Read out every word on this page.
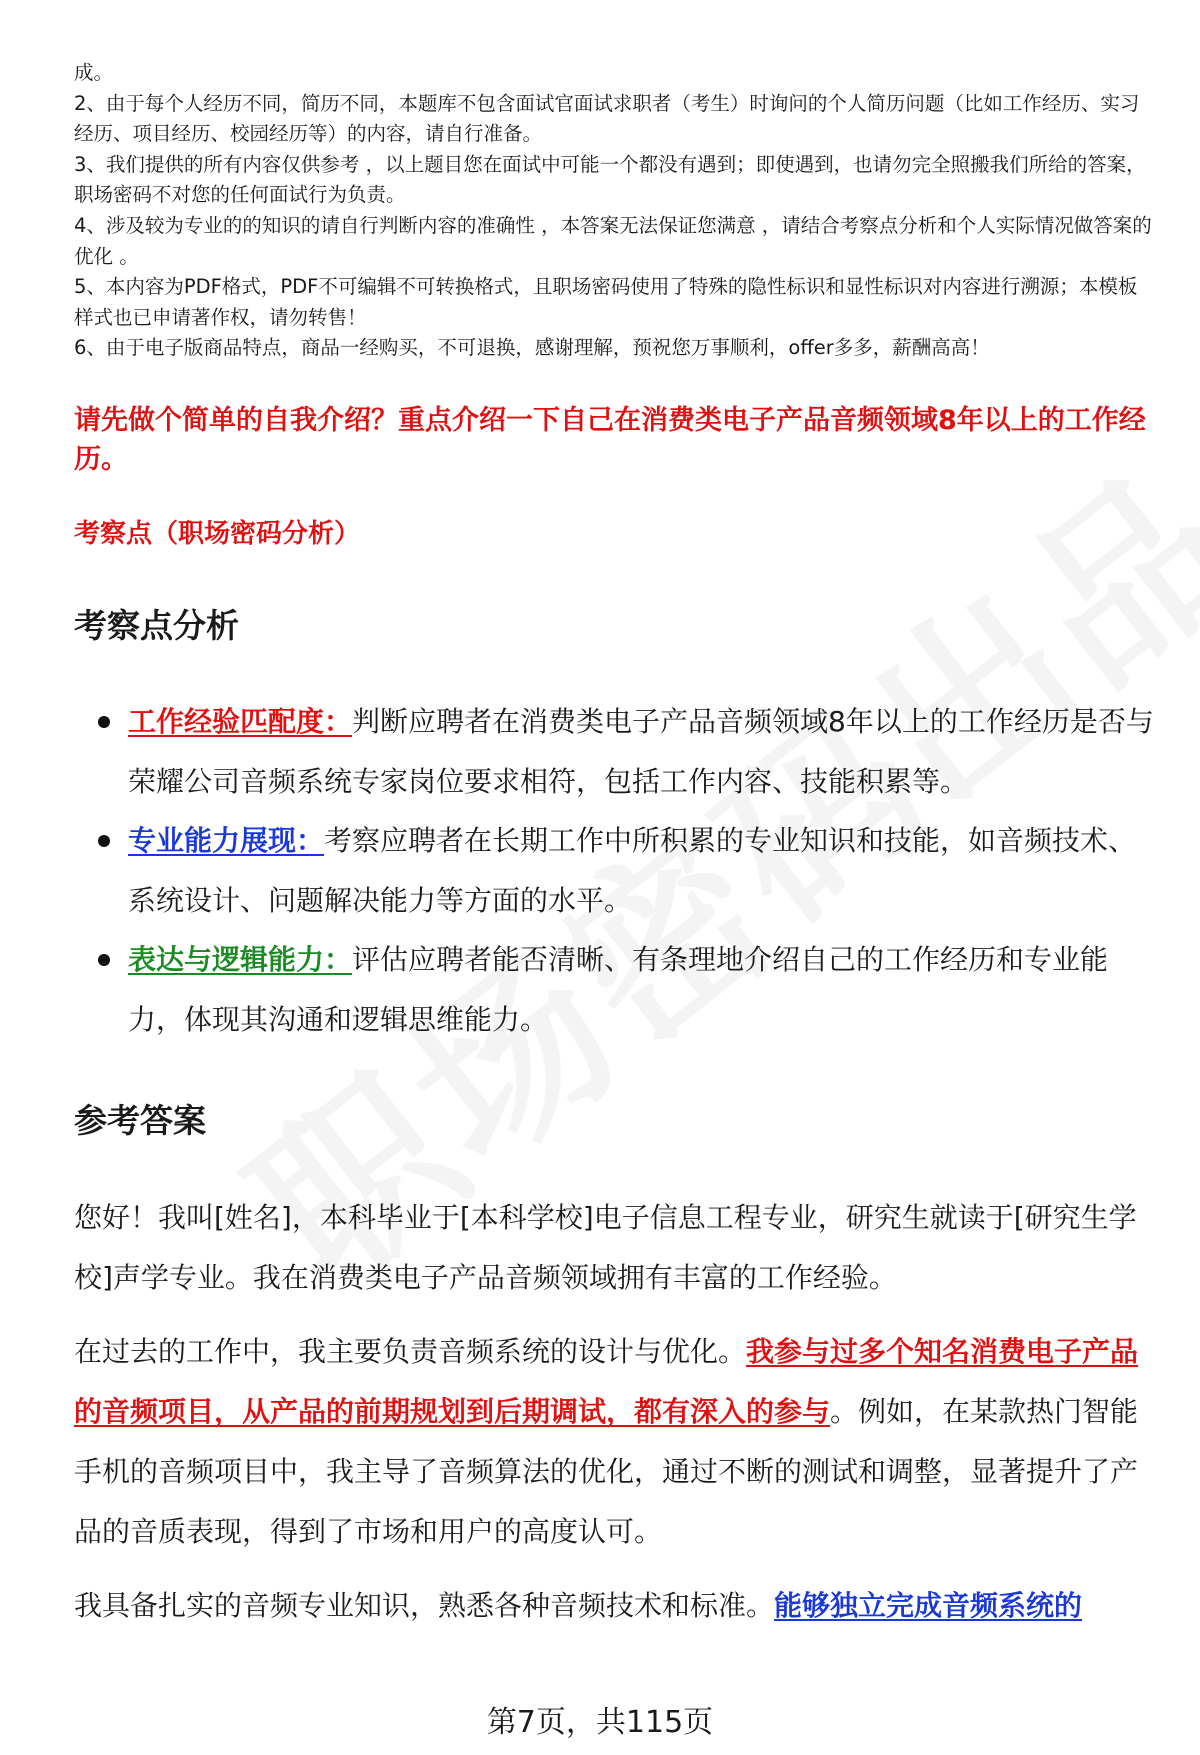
成。

2、由于每个人经历不同，简历不同，本题库不包含面试官面试求职者（考生）时询问的个人简历问题（比如工作经历、实习经历、项目经历、校园经历等）的内容，请自行准备。

3、我们提供的所有内容仅供参考 ，以上题目您在面试中可能一个都没有遇到；即使遇到，也请勿完全照搬我们所给的答案，职场密码不对您的任何面试行为负责。

4、涉及较为专业的的知识的请自行判断内容的准确性 ，本答案无法保证您满意 ，请结合考察点分析和个人实际情况做答案的优化 。

5、本内容为PDF格式，PDF不可编辑不可转换格式，且职场密码使用了特殊的隐性标识和显性标识对内容进行溯源；本模板样式也已申请著作权，请勿转售！

6、由于电子版商品特点，商品一经购买，不可退换，感谢理解，预祝您万事顺利，offer多多，薪酬高高！

请先做个简单的自我介绍？重点介绍一下自己在消费类电子产品音频领域8年以上的工作经历。

考察点（职场密码分析）

考察点分析
工作经验匹配度：判断应聘者在消费类电子产品音频领域8年以上的工作经历是否与荣耀公司音频系统专家岗位要求相符，包括工作内容、技能积累等。
专业能力展现：考察应聘者在长期工作中所积累的专业知识和技能，如音频技术、系统设计、问题解决能力等方面的水平。
表达与逻辑能力：评估应聘者能否清晰、有条理地介绍自己的工作经历和专业能力，体现其沟通和逻辑思维能力。
参考答案

您好！我叫[姓名]，本科毕业于[本科学校]电子信息工程专业，研究生就读于[研究生学校]声学专业。我在消费类电子产品音频领域拥有丰富的工作经验。

在过去的工作中，我主要负责音频系统的设计与优化。我参与过多个知名消费电子产品的音频项目，从产品的前期规划到后期调试，都有深入的参与。例如，在某款热门智能手机的音频项目中，我主导了音频算法的优化，通过不断的测试和调整，显著提升了产品的音质表现，得到了市场和用户的高度认可。

我具备扎实的音频专业知识，熟悉各种音频技术和标准。能够独立完成音频系统的

第7页，共115页
